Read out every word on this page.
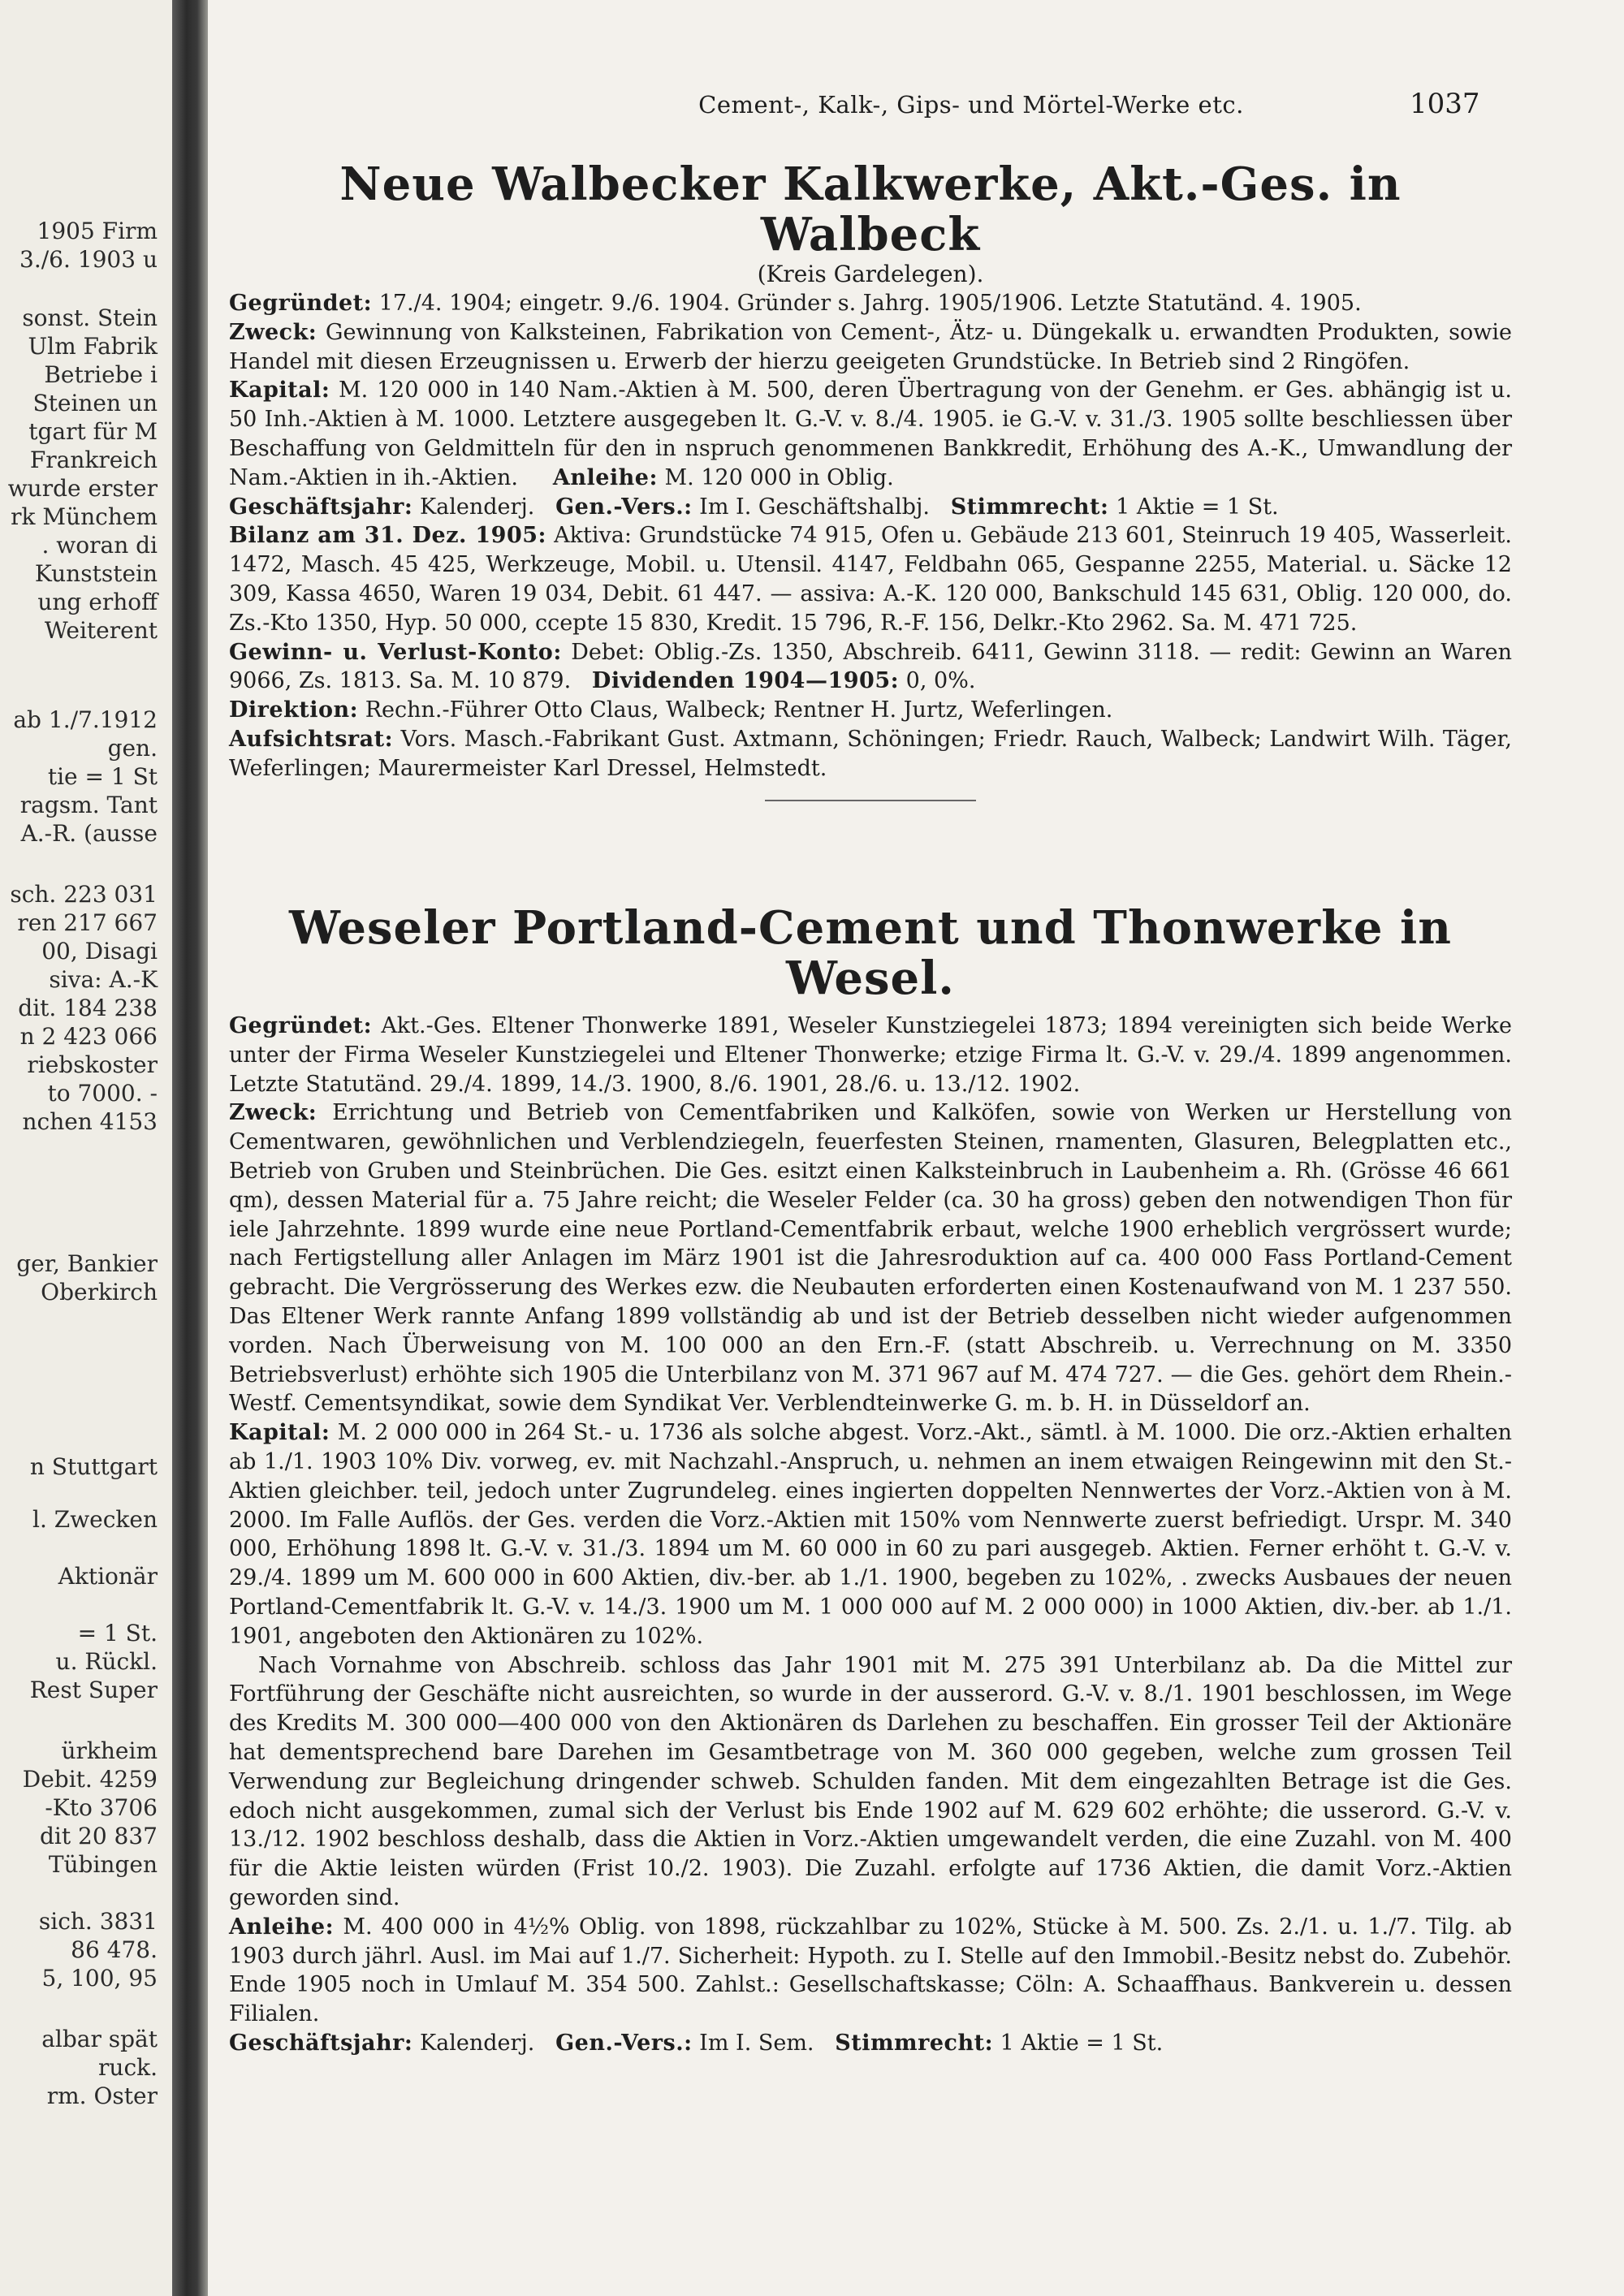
1905 Firm
3./6. 1903 u
sonst. Stein
Ulm Fabrik
Betriebe i
Steinen un
tgart für M
Frankreich
wurde erster
rk Münchem
. woran di
Kunststein
ung erhoff
Weiterent
ab 1./7.1912
gen.
tie = 1 St
ragsm. Tant
A.-R. (ausse
sch. 223 031
ren 217 667
00, Disagi
siva: A.-K
dit. 184 238
n 2 423 066
riebskoster
to 7000. -
nchen 4153
ger, Bankier
Oberkirch
n Stuttgart
l. Zwecken
Aktionär
= 1 St.
u. Rückl.
Rest Super
ürkheim
Debit. 4259
-Kto 3706
dit 20 837
Tübingen
sich. 3831
86 478.
5, 100, 95
albar spät
ruck.
rm. Oster
Cement-, Kalk-, Gips- und Mörtel-Werke etc.	1037
Neue Walbecker Kalkwerke, Akt.-Ges. in Walbeck

(Kreis Gardelegen).

Gegründet: 17./4. 1904; eingetr. 9./6. 1904. Gründer s. Jahrg. 1905/1906. Letzte Statutänd. 4. 1905.

Zweck: Gewinnung von Kalksteinen, Fabrikation von Cement-, Ätz- u. Düngekalk u. erwandten Produkten, sowie Handel mit diesen Erzeugnissen u. Erwerb der hierzu geeigeten Grundstücke. In Betrieb sind 2 Ringöfen.

Kapital: M. 120 000 in 140 Nam.-Aktien à M. 500, deren Übertragung von der Genehm. er Ges. abhängig ist u. 50 Inh.-Aktien à M. 1000. Letztere ausgegeben lt. G.-V. v. 8./4. 1905. ie G.-V. v. 31./3. 1905 sollte beschliessen über Beschaffung von Geldmitteln für den in nspruch genommenen Bankkredit, Erhöhung des A.-K., Umwandlung der Nam.-Aktien in ih.-Aktien. Anleihe: M. 120 000 in Oblig.

Geschäftsjahr: Kalenderj. Gen.-Vers.: Im I. Geschäftshalbj. Stimmrecht: 1 Aktie = 1 St.

Bilanz am 31. Dez. 1905: Aktiva: Grundstücke 74 915, Ofen u. Gebäude 213 601, Steinruch 19 405, Wasserleit. 1472, Masch. 45 425, Werkzeuge, Mobil. u. Utensil. 4147, Feldbahn 065, Gespanne 2255, Material. u. Säcke 12 309, Kassa 4650, Waren 19 034, Debit. 61 447. — assiva: A.-K. 120 000, Bankschuld 145 631, Oblig. 120 000, do. Zs.-Kto 1350, Hyp. 50 000, ccepte 15 830, Kredit. 15 796, R.-F. 156, Delkr.-Kto 2962. Sa. M. 471 725.

Gewinn- u. Verlust-Konto: Debet: Oblig.-Zs. 1350, Abschreib. 6411, Gewinn 3118. — redit: Gewinn an Waren 9066, Zs. 1813. Sa. M. 10 879. Dividenden 1904—1905: 0, 0%.

Direktion: Rechn.-Führer Otto Claus, Walbeck; Rentner H. Jurtz, Weferlingen.

Aufsichtsrat: Vors. Masch.-Fabrikant Gust. Axtmann, Schöningen; Friedr. Rauch, Walbeck; Landwirt Wilh. Täger, Weferlingen; Maurermeister Karl Dressel, Helmstedt.

Weseler Portland-Cement und Thonwerke in Wesel.

Gegründet: Akt.-Ges. Eltener Thonwerke 1891, Weseler Kunstziegelei 1873; 1894 vereinigten sich beide Werke unter der Firma Weseler Kunstziegelei und Eltener Thonwerke; etzige Firma lt. G.-V. v. 29./4. 1899 angenommen. Letzte Statutänd. 29./4. 1899, 14./3. 1900, 8./6. 1901, 28./6. u. 13./12. 1902.

Zweck: Errichtung und Betrieb von Cementfabriken und Kalköfen, sowie von Werken ur Herstellung von Cementwaren, gewöhnlichen und Verblendziegeln, feuerfesten Steinen, rnamenten, Glasuren, Belegplatten etc., Betrieb von Gruben und Steinbrüchen. Die Ges. esitzt einen Kalksteinbruch in Laubenheim a. Rh. (Grösse 46 661 qm), dessen Material für a. 75 Jahre reicht; die Weseler Felder (ca. 30 ha gross) geben den notwendigen Thon für iele Jahrzehnte. 1899 wurde eine neue Portland-Cementfabrik erbaut, welche 1900 erheblich vergrössert wurde; nach Fertigstellung aller Anlagen im März 1901 ist die Jahresroduktion auf ca. 400 000 Fass Portland-Cement gebracht. Die Vergrösserung des Werkes ezw. die Neubauten erforderten einen Kostenaufwand von M. 1 237 550. Das Eltener Werk rannte Anfang 1899 vollständig ab und ist der Betrieb desselben nicht wieder aufgenommen vorden. Nach Überweisung von M. 100 000 an den Ern.-F. (statt Abschreib. u. Verrechnung on M. 3350 Betriebsverlust) erhöhte sich 1905 die Unterbilanz von M. 371 967 auf M. 474 727. — die Ges. gehört dem Rhein.-Westf. Cementsyndikat, sowie dem Syndikat Ver. Verblendteinwerke G. m. b. H. in Düsseldorf an.

Kapital: M. 2 000 000 in 264 St.- u. 1736 als solche abgest. Vorz.-Akt., sämtl. à M. 1000. Die orz.-Aktien erhalten ab 1./1. 1903 10% Div. vorweg, ev. mit Nachzahl.-Anspruch, u. nehmen an inem etwaigen Reingewinn mit den St.-Aktien gleichber. teil, jedoch unter Zugrundeleg. eines ingierten doppelten Nennwertes der Vorz.-Aktien von à M. 2000. Im Falle Auflös. der Ges. verden die Vorz.-Aktien mit 150% vom Nennwerte zuerst befriedigt. Urspr. M. 340 000, Erhöhung 1898 lt. G.-V. v. 31./3. 1894 um M. 60 000 in 60 zu pari ausgegeb. Aktien. Ferner erhöht t. G.-V. v. 29./4. 1899 um M. 600 000 in 600 Aktien, div.-ber. ab 1./1. 1900, begeben zu 102%, . zwecks Ausbaues der neuen Portland-Cementfabrik lt. G.-V. v. 14./3. 1900 um M. 1 000 000 auf M. 2 000 000) in 1000 Aktien, div.-ber. ab 1./1. 1901, angeboten den Aktionären zu 102%.

Nach Vornahme von Abschreib. schloss das Jahr 1901 mit M. 275 391 Unterbilanz ab. Da die Mittel zur Fortführung der Geschäfte nicht ausreichten, so wurde in der ausserord. G.-V. v. 8./1. 1901 beschlossen, im Wege des Kredits M. 300 000—400 000 von den Aktionären ds Darlehen zu beschaffen. Ein grosser Teil der Aktionäre hat dementsprechend bare Darehen im Gesamtbetrage von M. 360 000 gegeben, welche zum grossen Teil Verwendung zur Begleichung dringender schweb. Schulden fanden. Mit dem eingezahlten Betrage ist die Ges. edoch nicht ausgekommen, zumal sich der Verlust bis Ende 1902 auf M. 629 602 erhöhte; die usserord. G.-V. v. 13./12. 1902 beschloss deshalb, dass die Aktien in Vorz.-Aktien umgewandelt verden, die eine Zuzahl. von M. 400 für die Aktie leisten würden (Frist 10./2. 1903). Die Zuzahl. erfolgte auf 1736 Aktien, die damit Vorz.-Aktien geworden sind.

Anleihe: M. 400 000 in 4½% Oblig. von 1898, rückzahlbar zu 102%, Stücke à M. 500. Zs. 2./1. u. 1./7. Tilg. ab 1903 durch jährl. Ausl. im Mai auf 1./7. Sicherheit: Hypoth. zu I. Stelle auf den Immobil.-Besitz nebst do. Zubehör. Ende 1905 noch in Umlauf M. 354 500. Zahlst.: Gesellschaftskasse; Cöln: A. Schaaffhaus. Bankverein u. dessen Filialen.

Geschäftsjahr: Kalenderj. Gen.-Vers.: Im I. Sem. Stimmrecht: 1 Aktie = 1 St.
